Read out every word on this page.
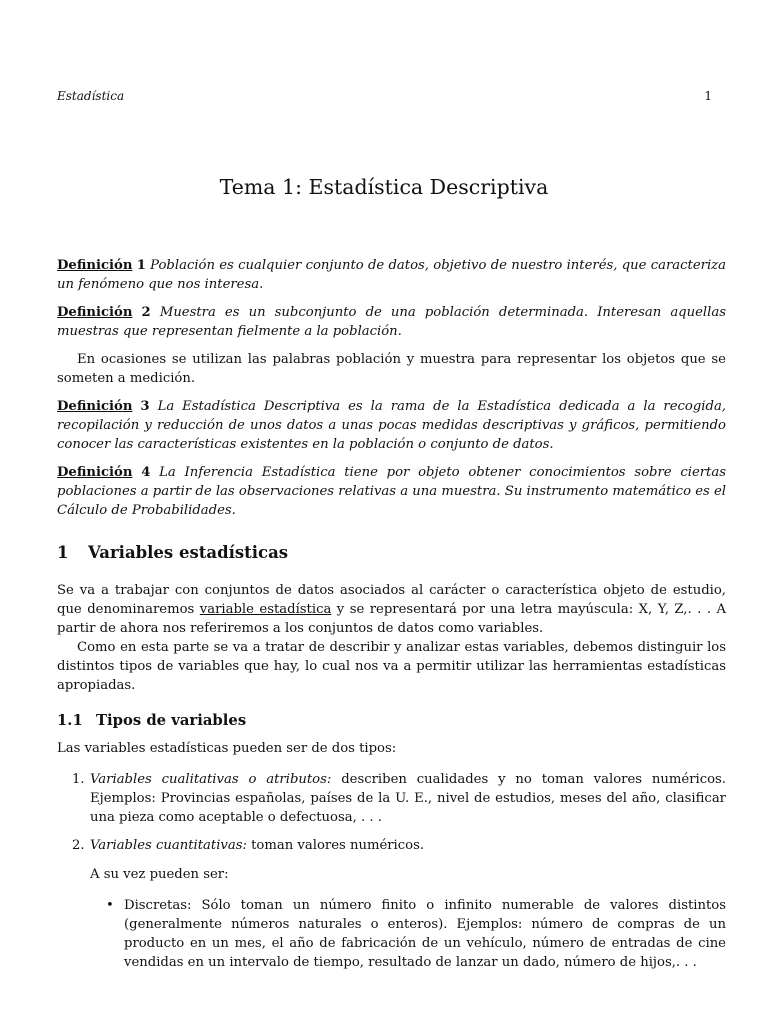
Estadística	1
Tema 1: Estadística Descriptiva

Definición 1 Población es cualquier conjunto de datos, objetivo de nuestro interés, que caracteriza un fenómeno que nos interesa.

Definición 2 Muestra es un subconjunto de una población determinada. Interesan aquellas muestras que representan fielmente a la población.

En ocasiones se utilizan las palabras población y muestra para representar los objetos que se someten a medición.

Definición 3 La Estadística Descriptiva es la rama de la Estadística dedicada a la recogida, recopilación y reducción de unos datos a unas pocas medidas descriptivas y gráficos, permitiendo conocer las características existentes en la población o conjunto de datos.

Definición 4 La Inferencia Estadística tiene por objeto obtener conocimientos sobre ciertas poblaciones a partir de las observaciones relativas a una muestra. Su instrumento matemático es el Cálculo de Probabilidades.

1 Variables estadísticas

Se va a trabajar con conjuntos de datos asociados al carácter o característica objeto de estudio, que denominaremos variable estadística y se representará por una letra mayúscula: X, Y, Z,. . . A partir de ahora nos referiremos a los conjuntos de datos como variables.

Como en esta parte se va a tratar de describir y analizar estas variables, debemos distinguir los distintos tipos de variables que hay, lo cual nos va a permitir utilizar las herramientas estadísticas apropiadas.

1.1 Tipos de variables

Las variables estadísticas pueden ser de dos tipos:

1. Variables cualitativas o atributos: describen cualidades y no toman valores numéricos. Ejemplos: Provincias españolas, países de la U. E., nivel de estudios, meses del año, clasificar una pieza como aceptable o defectuosa, . . .
2. Variables cuantitativas: toman valores numéricos.
A su vez pueden ser:
• Discretas: Sólo toman un número finito o infinito numerable de valores distintos (generalmente números naturales o enteros). Ejemplos: número de compras de un producto en un mes, el año de fabricación de un vehículo, número de entradas de cine vendidas en un intervalo de tiempo, resultado de lanzar un dado, número de hijos,. . .
